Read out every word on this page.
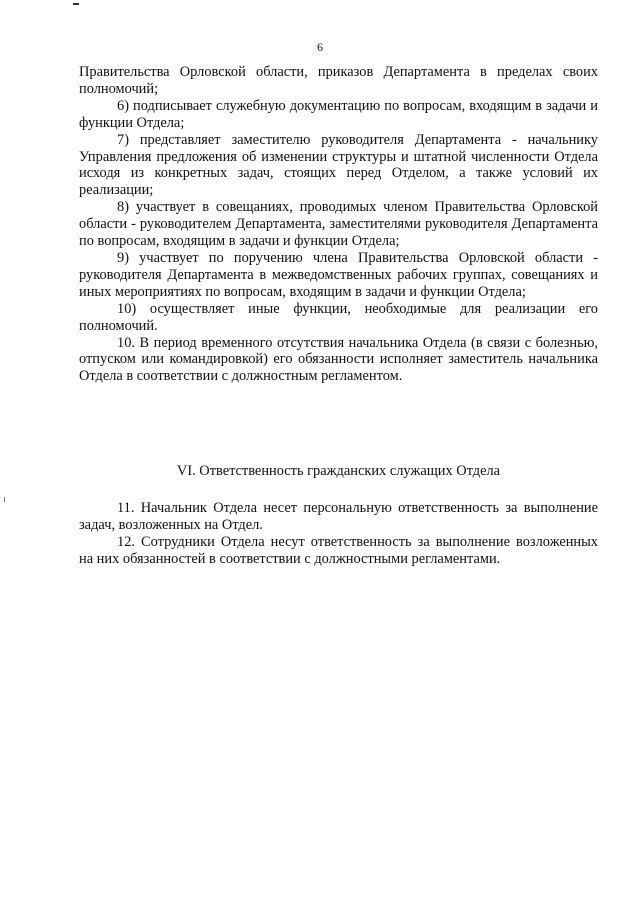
6

Правительства Орловской области, приказов Департамента в пределах своих полномочий;

6) подписывает служебную документацию по вопросам, входящим в задачи и функции Отдела;

7) представляет заместителю руководителя Департамента - начальнику Управления предложения об изменении структуры и штатной численности Отдела исходя из конкретных задач, стоящих перед Отделом, а также условий их реализации;

8) участвует в совещаниях, проводимых членом Правительства Орловской области - руководителем Департамента, заместителями руководителя Департамента по вопросам, входящим в задачи и функции Отдела;

9) участвует по поручению члена Правительства Орловской области - руководителя Департамента в межведомственных рабочих группах, совещаниях и иных мероприятиях по вопросам, входящим в задачи и функции Отдела;

10) осуществляет иные функции, необходимые для реализации его полномочий.

10. В период временного отсутствия начальника Отдела (в связи с болезнью, отпуском или командировкой) его обязанности исполняет заместитель начальника Отдела в соответствии с должностным регламентом.

VI. Ответственность гражданских служащих Отдела

11. Начальник Отдела несет персональную ответственность за выполнение задач, возложенных на Отдел.

12. Сотрудники Отдела несут ответственность за выполнение возложенных на них обязанностей в соответствии с должностными регламентами.
